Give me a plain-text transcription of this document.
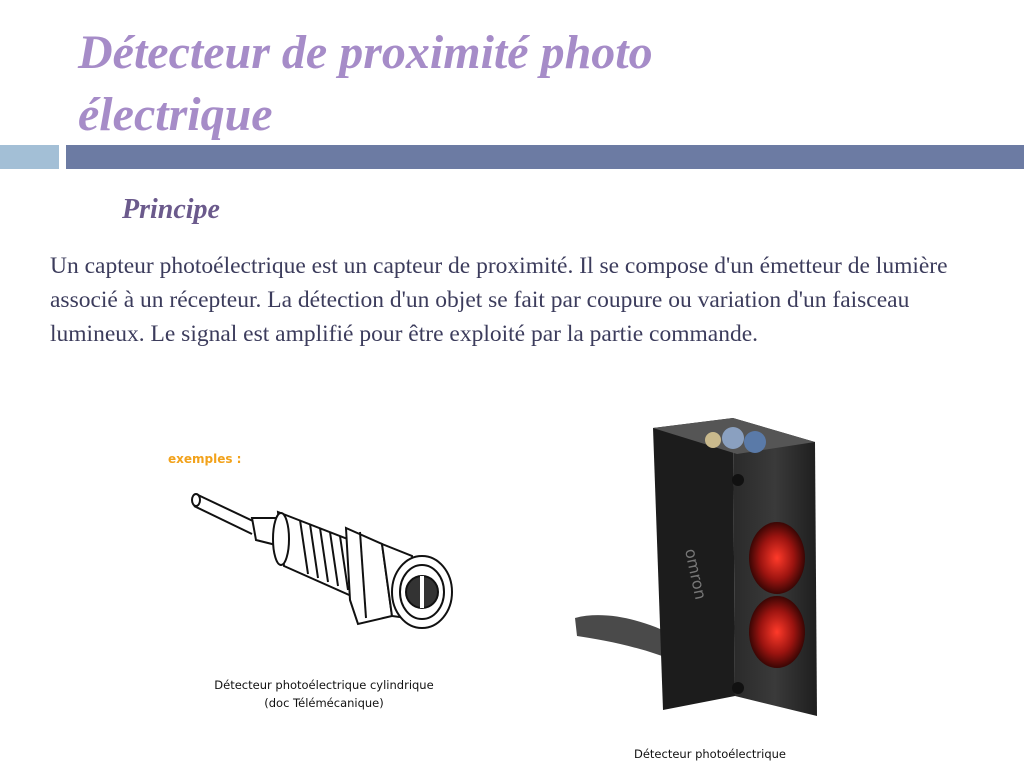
Détecteur de proximité photo
électrique
Principe

Un capteur photoélectrique est un capteur de proximité. Il se compose d'un émetteur de lumière associé à un récepteur. La détection d'un objet se fait par coupure ou variation d'un faisceau lumineux. Le signal est amplifié pour être exploité par la partie commande.

exemples :
Détecteur photoélectrique cylindrique
(doc Télémécanique)
omron
Détecteur photoélectrique
